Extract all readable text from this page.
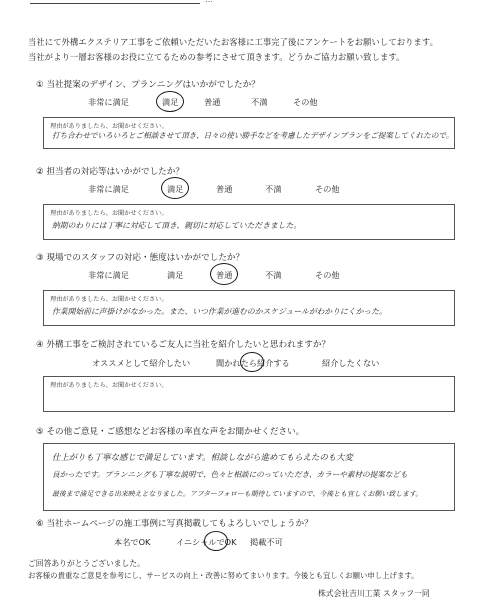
当社にて外構エクステリア工事をご依頼いただいたお客様に工事完了後にアンケートをお願いしております。
当社がより一層お客様のお役に立てるための参考にさせて頂きます。どうかご協力お願い致します。
① 当社提案のデザイン、プランニングはいかがでしたか？
非常に満足	満足	普通	不満	その他
理由がありましたら、お聞かせください。
打ち合わせでいろいろとご相談させて頂き、日々の使い勝手などを考慮したデザインプランをご提案してくれたので。
② 担当者の対応等はいかがでしたか？
非常に満足	満足	普通	不満	その他
理由がありましたら、お聞かせください。
納期のわりには丁寧に対応して頂き、親切に対応していただきました。
③ 現場でのスタッフの対応・態度はいかがでしたか？
非常に満足	満足	普通	不満	その他
理由がありましたら、お聞かせください。
作業開始前に声掛けがなかった。また、いつ作業が進むのかスケジュールがわかりにくかった。
④ 外構工事をご検討されているご友人に当社を紹介したいと思われますか？
オススメとして紹介したい	聞かれたら紹介する	紹介したくない
理由がありましたら、お聞かせください。
⑤ その他ご意見・ご感想などお客様の率直な声をお聞かせください。
仕上がりも丁寧な感じで満足しています。相談しながら進めてもらえたのも大変
良かったです。プランニングも丁寧な説明で、色々と相談にのっていただき、カラーや素材の提案なども
最後まで満足できる出来映えとなりました。アフターフォローも期待していますので、今後とも宜しくお願い致します。
⑥ 当社ホームページの施工事例に写真掲載してもよろしいでしょうか？
本名でOK	イニシャルでOK 掲載不可
ご回答ありがとうございました。
お客様の貴重なご意見を参考にし、サービスの向上・改善に努めてまいります。今後とも宜しくお願い申し上げます。
株式会社吉川工業 スタッフ一同
